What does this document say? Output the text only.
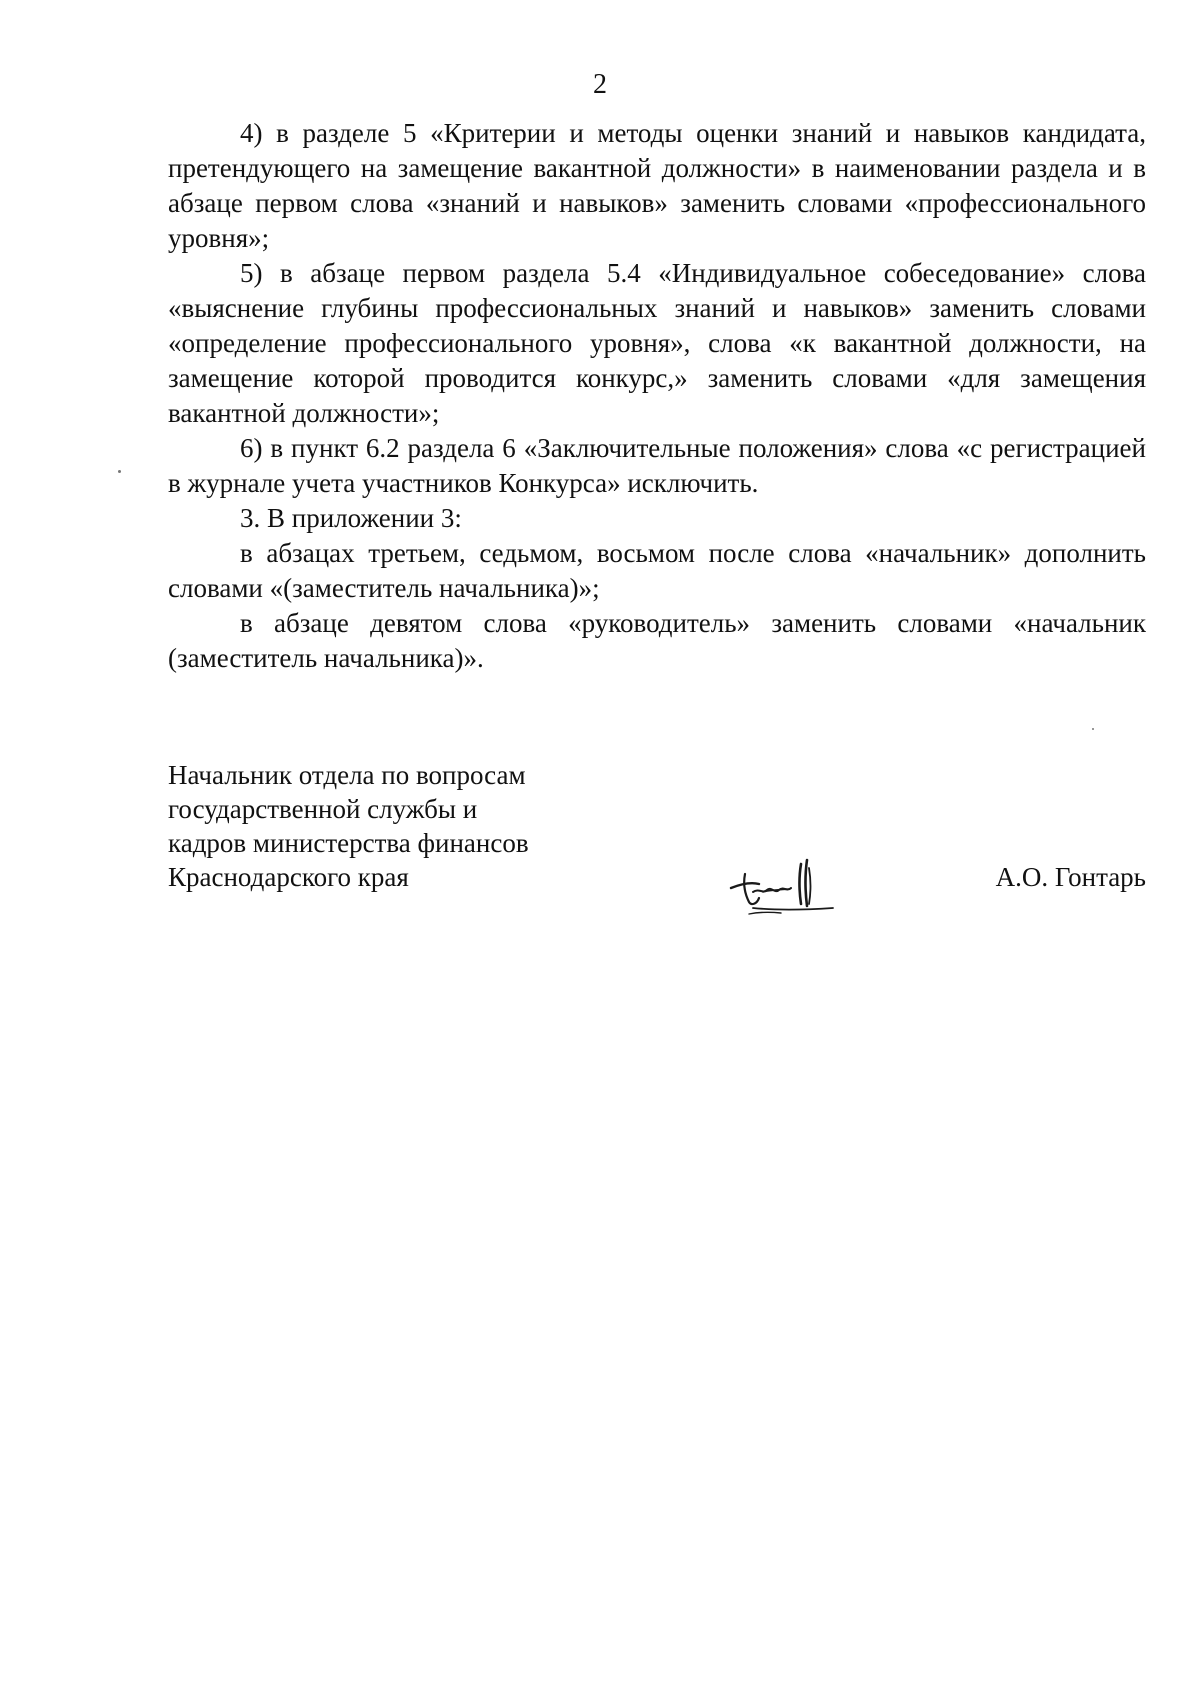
2

4) в разделе 5 «Критерии и методы оценки знаний и навыков кандидата, претендующего на замещение вакантной должности» в наименовании раздела и в абзаце первом слова «знаний и навыков» заменить словами «профессионального уровня»;

5) в абзаце первом раздела 5.4 «Индивидуальное собеседование» слова «выяснение глубины профессиональных знаний и навыков» заменить словами «определение профессионального уровня», слова «к вакантной должности, на замещение которой проводится конкурс,» заменить словами «для замещения вакантной должности»;

6) в пункт 6.2 раздела 6 «Заключительные положения» слова «с регистрацией в журнале учета участников Конкурса» исключить.

3. В приложении 3:

в абзацах третьем, седьмом, восьмом после слова «начальник» дополнить словами «(заместитель начальника)»;

в абзаце девятом слова «руководитель» заменить словами «начальник (заместитель начальника)».

Начальник отдела по вопросам
государственной службы и
кадров министерства финансов
Краснодарского края	А.О. Гонтарь
